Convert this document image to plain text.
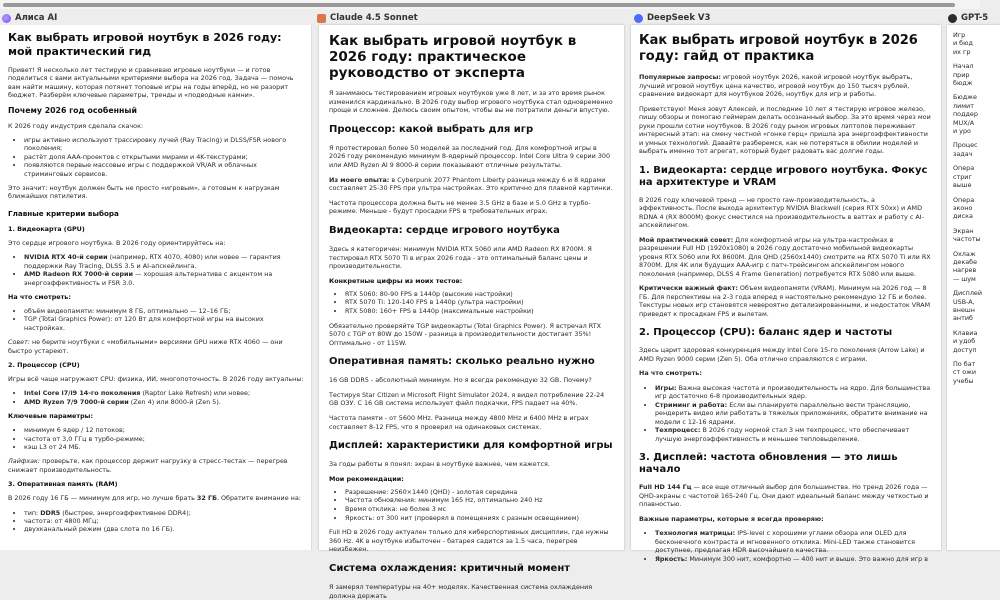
Алиса AI
Как выбрать игровой ноутбук в 2026 году: мой практический гид

Привет! Я несколько лет тестирую и сравниваю игровые ноутбуки — и готов поделиться с вами актуальными критериями выбора на 2026 год. Задача — помочь вам найти машину, которая потянет топовые игры на годы вперёд, но не разорит бюджет. Разберём ключевые параметры, тренды и «подводные камни».

Почему 2026 год особенный

К 2026 году индустрия сделала скачок:

• игры активно используют трассировку лучей (Ray Tracing) и DLSS/FSR нового поколения;
• растёт доля AAA-проектов с открытыми мирами и 4K-текстурами;
• появляются первые массовые игры с поддержкой VR/AR и облачных стриминговых сервисов.

Это значит: ноутбук должен быть не просто «игровым», а готовым к нагрузкам ближайших пятилетия.

Главные критерии выбора
1. Видеокарта (GPU)

Это сердце игрового ноутбука. В 2026 году ориентируйтесь на:

• NVIDIA RTX 40-й серии (например, RTX 4070, 4080) или новее — гарантия поддержки Ray Tracing, DLSS 3.5 и AI-апскейлинга.
• AMD Radeon RX 7000-й серии — хорошая альтернатива с акцентом на энергоэффективность и FSR 3.0.
На что смотреть:
• объём видеопамяти: минимум 8 ГБ, оптимально — 12–16 ГБ;
• TGP (Total Graphics Power): от 120 Вт для комфортной игры на высоких настройках.

Совет: не берите ноутбуки с «мобильными» версиями GPU ниже RTX 4060 — они быстро устареют.

2. Процессор (CPU)

Игры всё чаще нагружают CPU: физика, ИИ, многопоточность. В 2026 году актуальны:

• Intel Core i7/i9 14-го поколения (Raptor Lake Refresh) или новее;
• AMD Ryzen 7/9 7000-й серии (Zen 4) или 8000-й (Zen 5).
Ключевые параметры:
• минимум 6 ядер / 12 потоков;
• частота от 3,0 ГГц в турбо-режиме;
• кэш L3 от 24 МБ.

Лайфхак: проверьте, как процессор держит нагрузку в стресс-тестах — перегрев снижает производительность.

3. Оперативная память (RAM)

В 2026 году 16 ГБ — минимум для игр, но лучше брать 32 ГБ. Обратите внимание на:

• тип: DDR5 (быстрее, энергоэффективнее DDR4);
• частота: от 4800 МГц;
• двухканальный режим (два слота по 16 ГБ).
Claude 4.5 Sonnet
Как выбрать игровой ноутбук в 2026 году: практическое руководство от эксперта

Я занимаюсь тестированием игровых ноутбуков уже 8 лет, и за это время рынок изменился кардинально. В 2026 году выбор игрового ноутбука стал одновременно проще и сложнее. Делюсь своим опытом, чтобы вы не потратили деньги впустую.

Процессор: какой выбрать для игр

Я протестировал более 50 моделей за последний год. Для комфортной игры в 2026 году рекомендую минимум 8-ядерный процессор. Intel Core Ultra 9 серии 300 или AMD Ryzen AI 9 8000-й серии показывают отличные результаты.

Из моего опыта: в Cyberpunk 2077 Phantom Liberty разница между 6 и 8 ядрами составляет 25-30 FPS при ультра настройках. Это критично для плавной картинки.

Частота процессора должна быть не менее 3.5 GHz в базе и 5.0 GHz в турбо-режиме. Меньше - будут просадки FPS в требовательных играх.

Видеокарта: сердце игрового ноутбука

Здесь я категоричен: минимум NVIDIA RTX 5060 или AMD Radeon RX 8700M. Я тестировал RTX 5070 Ti в играх 2026 года - это оптимальный баланс цены и производительности.

Конкретные цифры из моих тестов:
• RTX 5060: 80-90 FPS в 1440p (высокие настройки)
• RTX 5070 Ti: 120-140 FPS в 1440p (ультра настройки)
• RTX 5080: 160+ FPS в 1440p (максимальные настройки)

Обязательно проверяйте TGP видеокарты (Total Graphics Power). Я встречал RTX 5070 с TGP от 80W до 150W - разница в производительности достигает 35%! Оптимально - от 115W.

Оперативная память: сколько реально нужно

16 GB DDR5 - абсолютный минимум. Но я всегда рекомендую 32 GB. Почему?

Тестируя Star Citizen и Microsoft Flight Simulator 2024, я видел потребление 22-24 GB ОЗУ. С 16 GB система использует файл подкачки, FPS падает на 40%.

Частота памяти - от 5600 MHz. Разница между 4800 MHz и 6400 MHz в играх составляет 8-12 FPS, что я проверил на одинаковых системах.

Дисплей: характеристики для комфортной игры

За годы работы я понял: экран в ноутбуке важнее, чем кажется.

Мои рекомендации:
• Разрешение: 2560×1440 (QHD) - золотая середина
• Частота обновления: минимум 165 Hz, оптимально 240 Hz
• Время отклика: не более 3 мс
• Яркость: от 300 нит (проверял в помещениях с разным освещением)

Full HD в 2026 году актуален только для киберспортивных дисциплин, где нужны 360 Hz. 4K в ноутбуке избыточен - батарея садится за 1.5 часа, перегрев неизбежен.

Система охлаждения: критичный момент

Я замерял температуры на 40+ моделях. Качественная система охлаждения должна держать

DeepSeek V3
Как выбрать игровой ноутбук в 2026 году: гайд от практика

Популярные запросы: игровой ноутбук 2026, какой игровой ноутбук выбрать, лучший игровой ноутбук цена качество, игровой ноутбук до 150 тысяч рублей, сравнение видеокарт для ноутбуков 2026, ноутбук для игр и работы.

Приветствую! Меня зовут Алексей, и последние 10 лет я тестирую игровое железо, пишу обзоры и помогаю геймерам делать осознанный выбор. За это время через мои руки прошли сотни ноутбуков. В 2026 году рынок игровых лэптопов переживает интересный этап: на смену честной «гонке герц» пришла эра энергоэффективности и умных технологий. Давайте разберемся, как не потеряться в обилии моделей и выбрать именно тот агрегат, который будет радовать вас долгие годы.

1. Видеокарта: сердце игрового ноутбука. Фокус на архитектуре и VRAM

В 2026 году ключевой тренд — не просто raw-производительность, а эффективность. После выхода архитектур NVIDIA Blackwell (серия RTX 50xx) и AMD RDNA 4 (RX 8000M) фокус сместился на производительность в ваттах и работу с AI-апскейлингом.

Мой практический совет: Для комфортной игры на ультра-настройках в разрешении Full HD (1920x1080) в 2026 году достаточно мобильной видеокарты уровня RTX 5060 или RX 8600M. Для QHD (2560x1440) смотрите на RTX 5070 Ti или RX 8700M. Для 4K или будущих AAA-игр с патч-трейсингом апскейлингом нового поколения (например, DLSS 4 Frame Generation) потребуется RTX 5080 или выше.

Критически важный факт: Объем видеопамяти (VRAM). Минимум на 2026 год — 8 ГБ. Для перспективы на 2-3 года вперед я настоятельно рекомендую 12 ГБ и более. Текстуры новых игр становятся невероятно детализированными, и недостаток VRAM приведет к просадкам FPS и вылетам.

2. Процессор (CPU): баланс ядер и частоты

Здесь царит здоровая конкуренция между Intel Core 15-го поколения (Arrow Lake) и AMD Ryzen 9000 серии (Zen 5). Оба отлично справляются с играми.

На что смотреть:

• Игры: Важна высокая частота и производительность на ядро. Для большинства игр достаточно 6-8 производительных ядер.
• Стриминг и работа: Если вы планируете параллельно вести трансляцию, рендерить видео или работать в тяжелых приложениях, обратите внимание на модели с 12-16 ядрами.
• Техпроцесс: В 2026 году нормой стал 3 нм техпроцесс, что обеспечивает лучшую энергоэффективность и меньшее тепловыделение.
3. Дисплей: частота обновления — это лишь начало

Full HD 144 Гц — все еще отличный выбор для большинства. Но тренд 2026 года — QHD-экраны с частотой 165-240 Гц. Они дают идеальный баланс между четкостью и плавностью.

Важные параметры, которые я всегда проверяю:

• Технология матрицы: IPS-level с хорошими углами обзора или OLED для бесконечного контраста и мгновенного отклика. Mini-LED также становится доступнее, предлагая HDR высочайшего качества.
• Яркость: Минимум 300 нит, комфортно — 400 нит и выше. Это важно для игр в
GPT-5

Игр
и бюд
их гр

Начал
прир
бюдж

Бюдже
лимит
поддер
MUX/A
и уро

Процес
задач

Опера
стриг
выше

Опера
эконо
диска

Экран
частоты

Охлаж
декабе
нагрев
— шум

Дисплей
USB-A,
внешн
антиб

Клавиа
и удоб
доступ

По бат
ст ожи
учебы
